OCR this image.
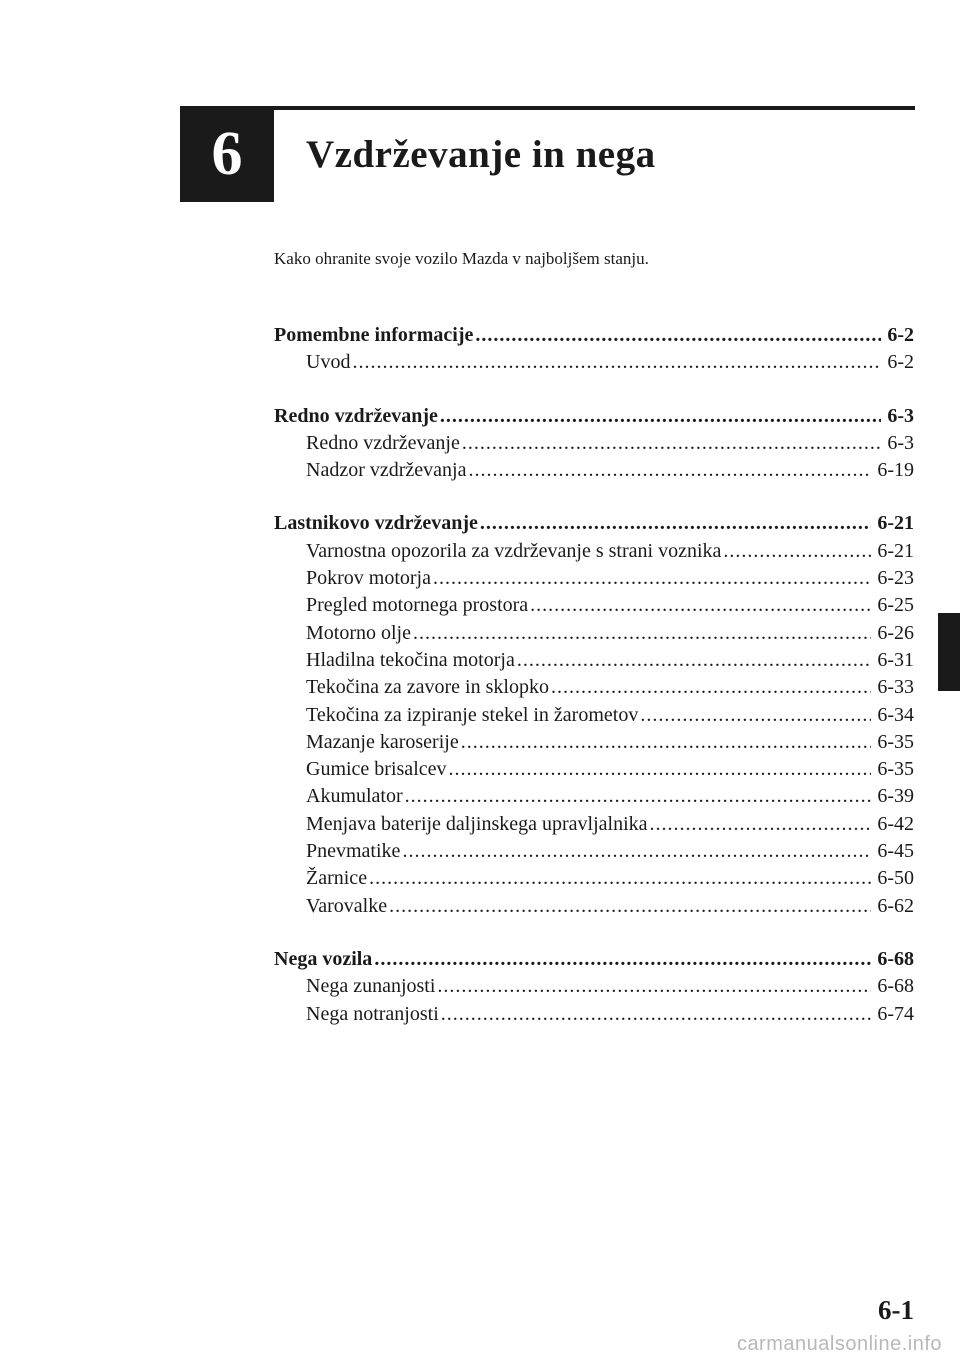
6 Vzdrževanje in nega
Kako ohranite svoje vozilo Mazda v najboljšem stanju.
Pomembne informacije .....	6-2
Uvod .....	6-2
Redno vzdrževanje .....	6-3
Redno vzdrževanje .....	6-3
Nadzor vzdrževanja .....	6-19
Lastnikovo vzdrževanje .....	6-21
Varnostna opozorila za vzdrževanje s strani voznika .....	6-21
Pokrov motorja .....	6-23
Pregled motornega prostora .....	6-25
Motorno olje .....	6-26
Hladilna tekočina motorja .....	6-31
Tekočina za zavore in sklopko .....	6-33
Tekočina za izpiranje stekel in žarometov .....	6-34
Mazanje karoserije .....	6-35
Gumice brisalcev .....	6-35
Akumulator .....	6-39
Menjava baterije daljinskega upravljalnika .....	6-42
Pnevmatike .....	6-45
Žarnice .....	6-50
Varovalke .....	6-62
Nega vozila .....	6-68
Nega zunanjosti .....	6-68
Nega notranjosti .....	6-74
6-1
carmanualsonline.info
